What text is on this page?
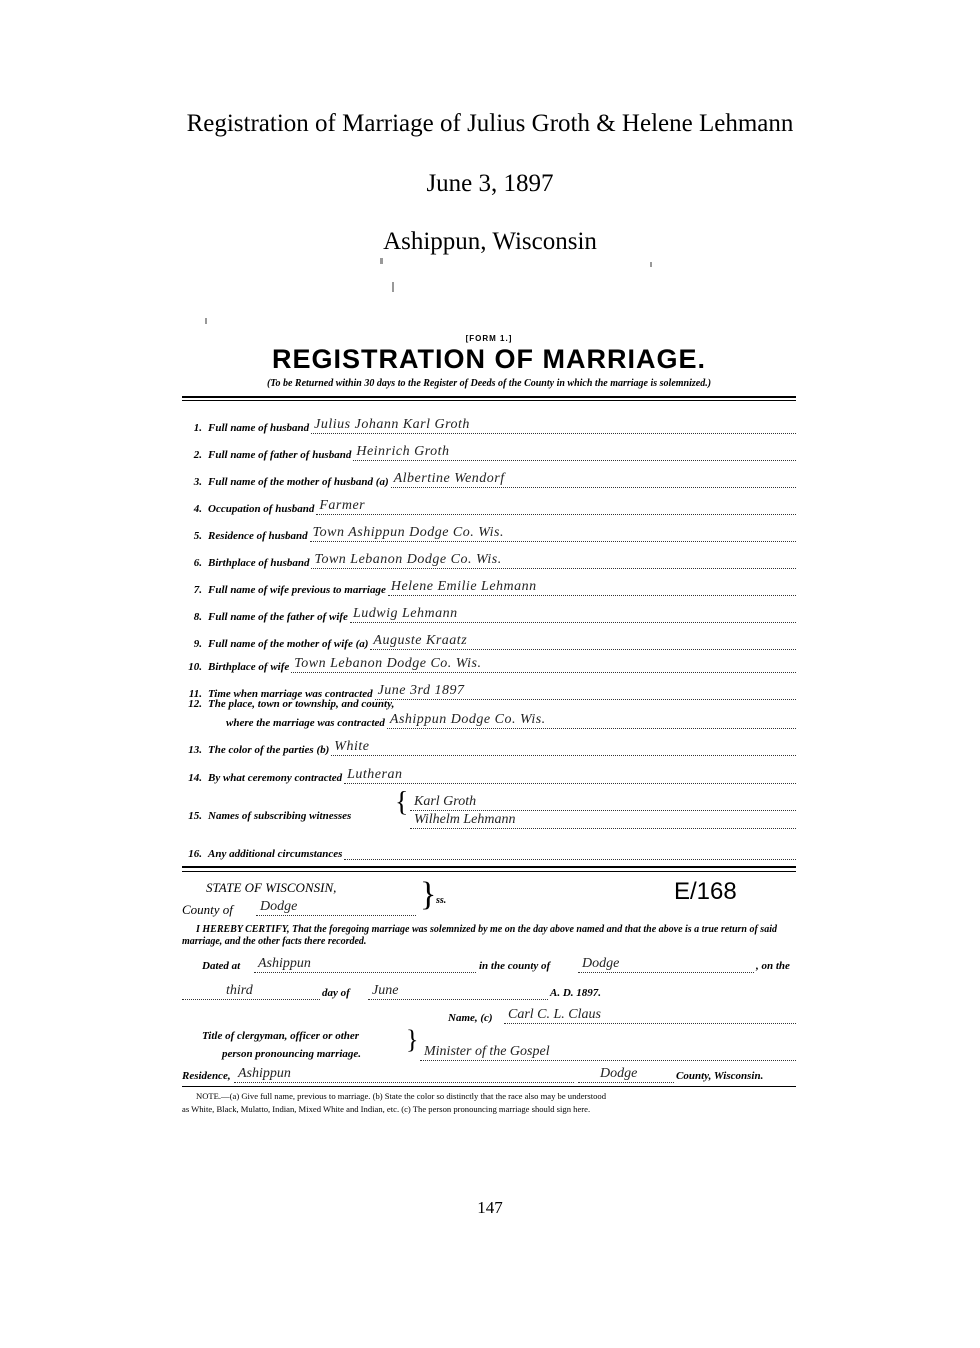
Registration of Marriage of Julius Groth & Helene Lehmann
June 3, 1897
Ashippun, Wisconsin
[FORM 1.]
REGISTRATION OF MARRIAGE.
(To be Returned within 30 days to the Register of Deeds of the County in which the marriage is solemnized.)
1. Full name of husband Julius Johann Karl Groth
2. Full name of father of husband Heinrich Groth
3. Full name of the mother of husband (a) Albertine Wendorf
4. Occupation of husband Farmer
5. Residence of husband Town Ashippun Dodge Co. Wis.
6. Birthplace of husband Town Lebanon Dodge Co. Wis.
7. Full name of wife previous to marriage Helene Emilie Lehmann
8. Full name of the father of wife Ludwig Lehmann
9. Full name of the mother of wife (a) Auguste Kraatz
10. Birthplace of wife Town Lebanon Dodge Co. Wis.
11. Time when marriage was contracted June 3rd 1897
12. The place, town or township, and county,
where the marriage was contracted Ashippun Dodge Co. Wis.
13. The color of the parties (b) White
14. By what ceremony contracted Lutheran
15. Names of subscribing witnesses { Karl Groth
Wilhelm Lehmann
16. Any additional circumstances
STATE OF WISCONSIN, } ss.	E/168
County of Dodge
I HEREBY CERTIFY, That the foregoing marriage was solemnized by me on the day above named and that the above is a true return of said marriage, and the other facts there recorded.
Dated at Ashippun	in the county of Dodge	, on the
third	day of June	A. D. 1897.
Name, (c) Carl C. L. Claus
Title of clergyman, officer or other }
person pronouncing marriage.	Minister of the Gospel
Residence, Ashippun	Dodge	County, Wisconsin.
NOTE.—(a) Give full name, previous to marriage. (b) State the color so distinctly that the race also may be understood
as White, Black, Mulatto, Indian, Mixed White and Indian, etc. (c) The person pronouncing marriage should sign here.
147
